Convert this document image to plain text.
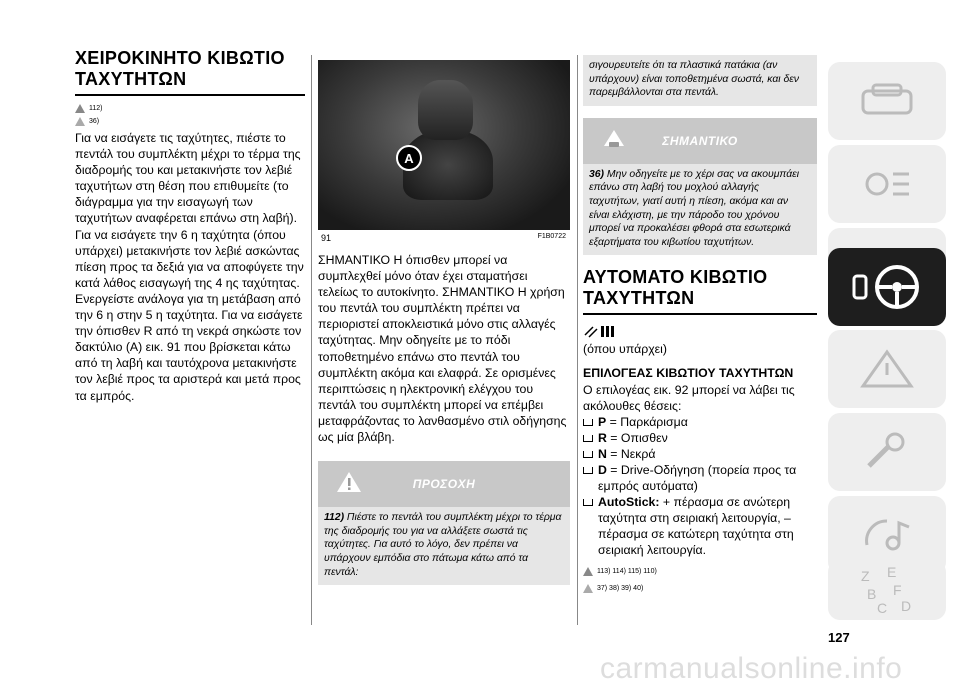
ΧΕΙΡΟΚΙΝΗΤΟ ΚΙΒΩΤΙΟ ΤΑΧΥΤΗΤΩΝ
112)
36)

Για να εισάγετε τις ταχύτητες, πιέστε το πεντάλ του συμπλέκτη μέχρι το τέρμα της διαδρομής του και μετακινήστε τον λεβιέ ταχυτήτων στη θέση που επιθυμείτε (το διάγραμμα για την εισαγωγή των ταχυτήτων αναφέρεται επάνω στη λαβή). Για να εισάγετε την 6 η ταχύτητα (όπου υπάρχει) μετακινήστε τον λεβιέ ασκώντας πίεση προς τα δεξιά για να αποφύγετε την κατά λάθος εισαγωγή της 4 ης ταχύτητας. Ενεργείστε ανάλογα για τη μετάβαση από την 6 η στην 5 η ταχύτητα. Για να εισάγετε την όπισθεν R από τη νεκρά σηκώστε τον δακτύλιο (A) εικ. 91 που βρίσκεται κάτω από τη λαβή και ταυτόχρονα μετακινήστε τον λεβιέ προς τα αριστερά και μετά προς τα εμπρός.

A
91	F1B0722

ΣΗΜΑΝΤΙΚΟ Η όπισθεν μπορεί να συμπλεχθεί μόνο όταν έχει σταματήσει τελείως το αυτοκίνητο. ΣΗΜΑΝΤΙΚΟ Η χρήση του πεντάλ του συμπλέκτη πρέπει να περιοριστεί αποκλειστικά μόνο στις αλλαγές ταχύτητας. Μην οδηγείτε με το πόδι τοποθετημένο επάνω στο πεντάλ του συμπλέκτη ακόμα και ελαφρά. Σε ορισμένες περιπτώσεις η ηλεκτρονική ελέγχου του πεντάλ του συμπλέκτη μπορεί να επέμβει μεταφράζοντας το λανθασμένο στιλ οδήγησης ως μία βλάβη.

ΠΡΟΣΟΧΗ
112) Πιέστε το πεντάλ του συμπλέκτη μέχρι το τέρμα της διαδρομής του για να αλλάξετε σωστά τις ταχύτητες. Για αυτό το λόγο, δεν πρέπει να υπάρχουν εμπόδια στο πάτωμα κάτω από τα πεντάλ:
σιγουρευτείτε ότι τα πλαστικά πατάκια (αν υπάρχουν) είναι τοποθετημένα σωστά, και δεν παρεμβάλλονται στα πεντάλ.
ΣΗΜΑΝΤΙΚΟ
36) Μην οδηγείτε με το χέρι σας να ακουμπάει επάνω στη λαβή του μοχλού αλλαγής ταχυτήτων, γιατί αυτή η πίεση, ακόμα και αν είναι ελάχιστη, με την πάροδο του χρόνου μπορεί να προκαλέσει φθορά στα εσωτερικά εξαρτήματα του κιβωτίου ταχυτήτων.
ΑΥΤΟΜΑΤΟ ΚΙΒΩΤΙΟ ΤΑΧΥΤΗΤΩΝ

(όπου υπάρχει)

ΕΠΙΛΟΓΕΑΣ ΚΙΒΩΤΙΟΥ ΤΑΧΥΤΗΤΩΝ

Ο επιλογέας εικ. 92 μπορεί να λάβει τις ακόλουθες θέσεις:

P = Παρκάρισμα
R = Οπισθεν
N = Νεκρά
D = Drive-Οδήγηση (πορεία προς τα εμπρός αυτόματα)
AutoStick: + πέρασμα σε ανώτερη ταχύτητα στη σειριακή λειτουργία, – πέρασμα σε κατώτερη ταχύτητα στη σειριακή λειτουργία.
113) 114) 115) 110)
37) 38) 39) 40)
Z E
B F
C D
127
carmanualsonline.info
